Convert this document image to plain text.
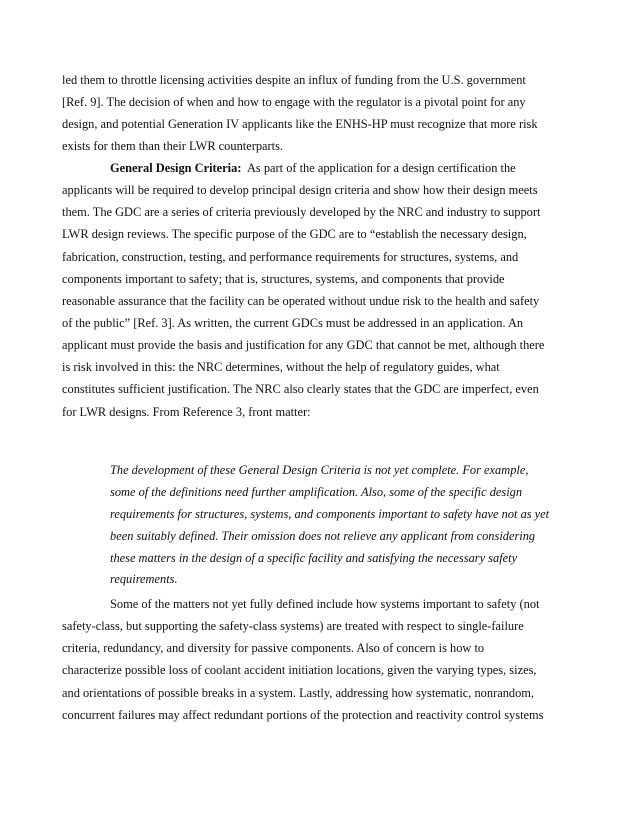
led them to throttle licensing activities despite an influx of funding from the U.S. government
[Ref. 9]. The decision of when and how to engage with the regulator is a pivotal point for any
design, and potential Generation IV applicants like the ENHS-HP must recognize that more risk
exists for them than their LWR counterparts.
General Design Criteria:  As part of the application for a design certification the
applicants will be required to develop principal design criteria and show how their design meets
them. The GDC are a series of criteria previously developed by the NRC and industry to support
LWR design reviews. The specific purpose of the GDC are to “establish the necessary design,
fabrication, construction, testing, and performance requirements for structures, systems, and
components important to safety; that is, structures, systems, and components that provide
reasonable assurance that the facility can be operated without undue risk to the health and safety
of the public” [Ref. 3]. As written, the current GDCs must be addressed in an application. An
applicant must provide the basis and justification for any GDC that cannot be met, although there
is risk involved in this: the NRC determines, without the help of regulatory guides, what
constitutes sufficient justification. The NRC also clearly states that the GDC are imperfect, even
for LWR designs. From Reference 3, front matter:
The development of these General Design Criteria is not yet complete. For example,
some of the definitions need further amplification. Also, some of the specific design
requirements for structures, systems, and components important to safety have not as yet
been suitably defined. Their omission does not relieve any applicant from considering
these matters in the design of a specific facility and satisfying the necessary safety
requirements.
Some of the matters not yet fully defined include how systems important to safety (not
safety-class, but supporting the safety-class systems) are treated with respect to single-failure
criteria, redundancy, and diversity for passive components. Also of concern is how to
characterize possible loss of coolant accident initiation locations, given the varying types, sizes,
and orientations of possible breaks in a system. Lastly, addressing how systematic, nonrandom,
concurrent failures may affect redundant portions of the protection and reactivity control systems
